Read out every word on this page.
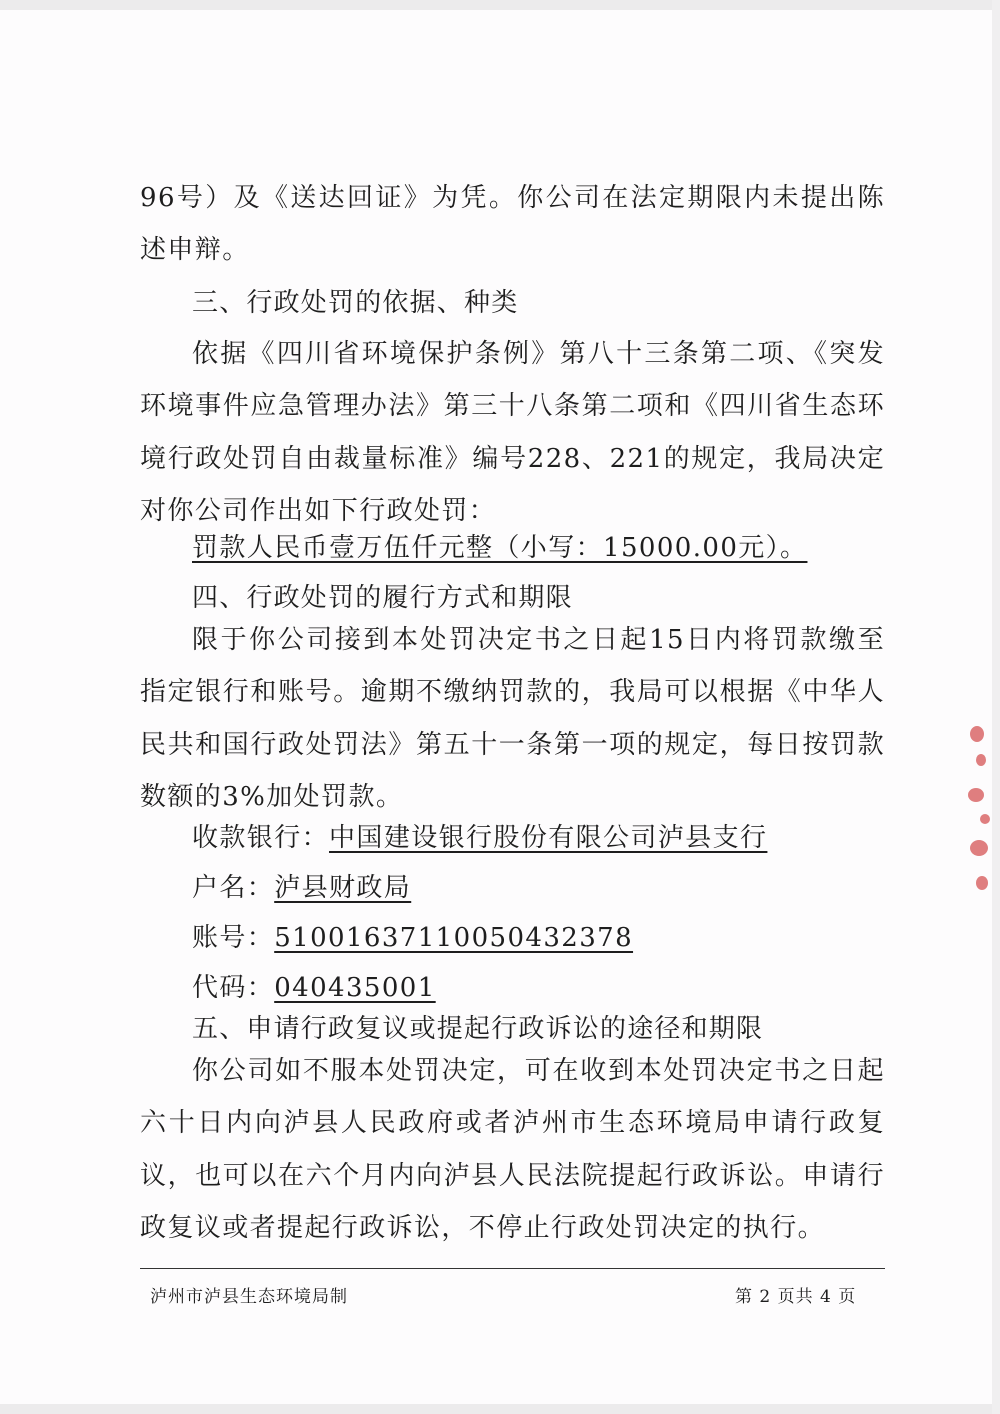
96号）及《送达回证》为凭。你公司在法定期限内未提出陈述申辩。

三、行政处罚的依据、种类

依据《四川省环境保护条例》第八十三条第二项、《突发环境事件应急管理办法》第三十八条第二项和《四川省生态环境行政处罚自由裁量标准》编号228、221的规定，我局决定对你公司作出如下行政处罚：

罚款人民币壹万伍仟元整（小写：15000.00元）。

四、行政处罚的履行方式和期限

限于你公司接到本处罚决定书之日起15日内将罚款缴至指定银行和账号。逾期不缴纳罚款的，我局可以根据《中华人民共和国行政处罚法》第五十一条第一项的规定，每日按罚款数额的3%加处罚款。

收款银行：中国建设银行股份有限公司泸县支行

户名：泸县财政局

账号：51001637110050432378

代码：040435001

五、申请行政复议或提起行政诉讼的途径和期限

你公司如不服本处罚决定，可在收到本处罚决定书之日起六十日内向泸县人民政府或者泸州市生态环境局申请行政复议，也可以在六个月内向泸县人民法院提起行政诉讼。申请行政复议或者提起行政诉讼，不停止行政处罚决定的执行。

泸州市泸县生态环境局制	第 2 页共 4 页
